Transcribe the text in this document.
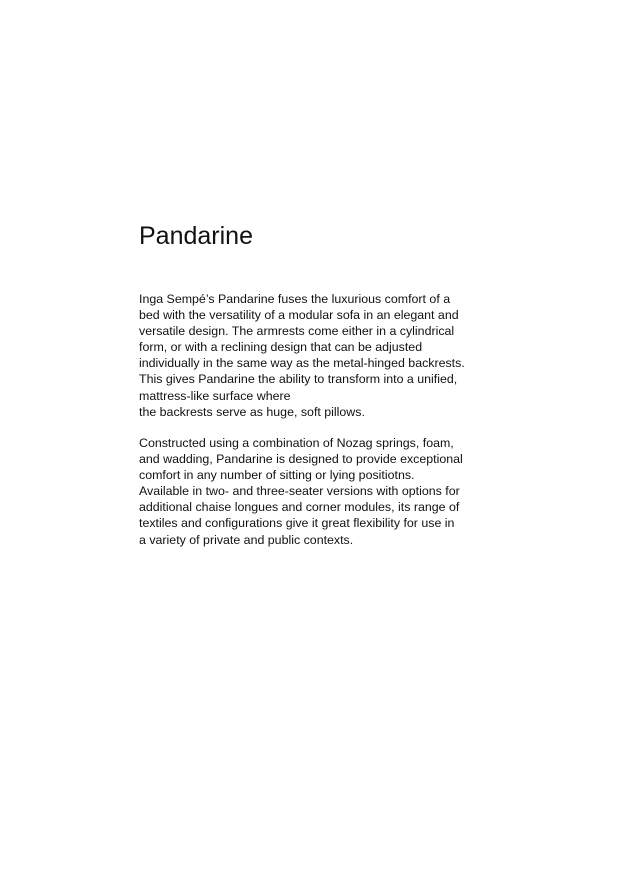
Pandarine

Inga Sempé’s Pandarine fuses the luxurious comfort of a
bed with the versatility of a modular sofa in an elegant and
versatile design. The armrests come either in a cylindrical
form, or with a reclining design that can be adjusted
individually in the same way as the metal-hinged backrests.
This gives Pandarine the ability to transform into a unified,
mattress-like surface where
the backrests serve as huge, soft pillows.

Constructed using a combination of Nozag springs, foam,
and wadding, Pandarine is designed to provide exceptional
comfort in any number of sitting or lying positiotns.
Available in two- and three-seater versions with options for
additional chaise longues and corner modules, its range of
textiles and configurations give it great flexibility for use in
a variety of private and public contexts.
